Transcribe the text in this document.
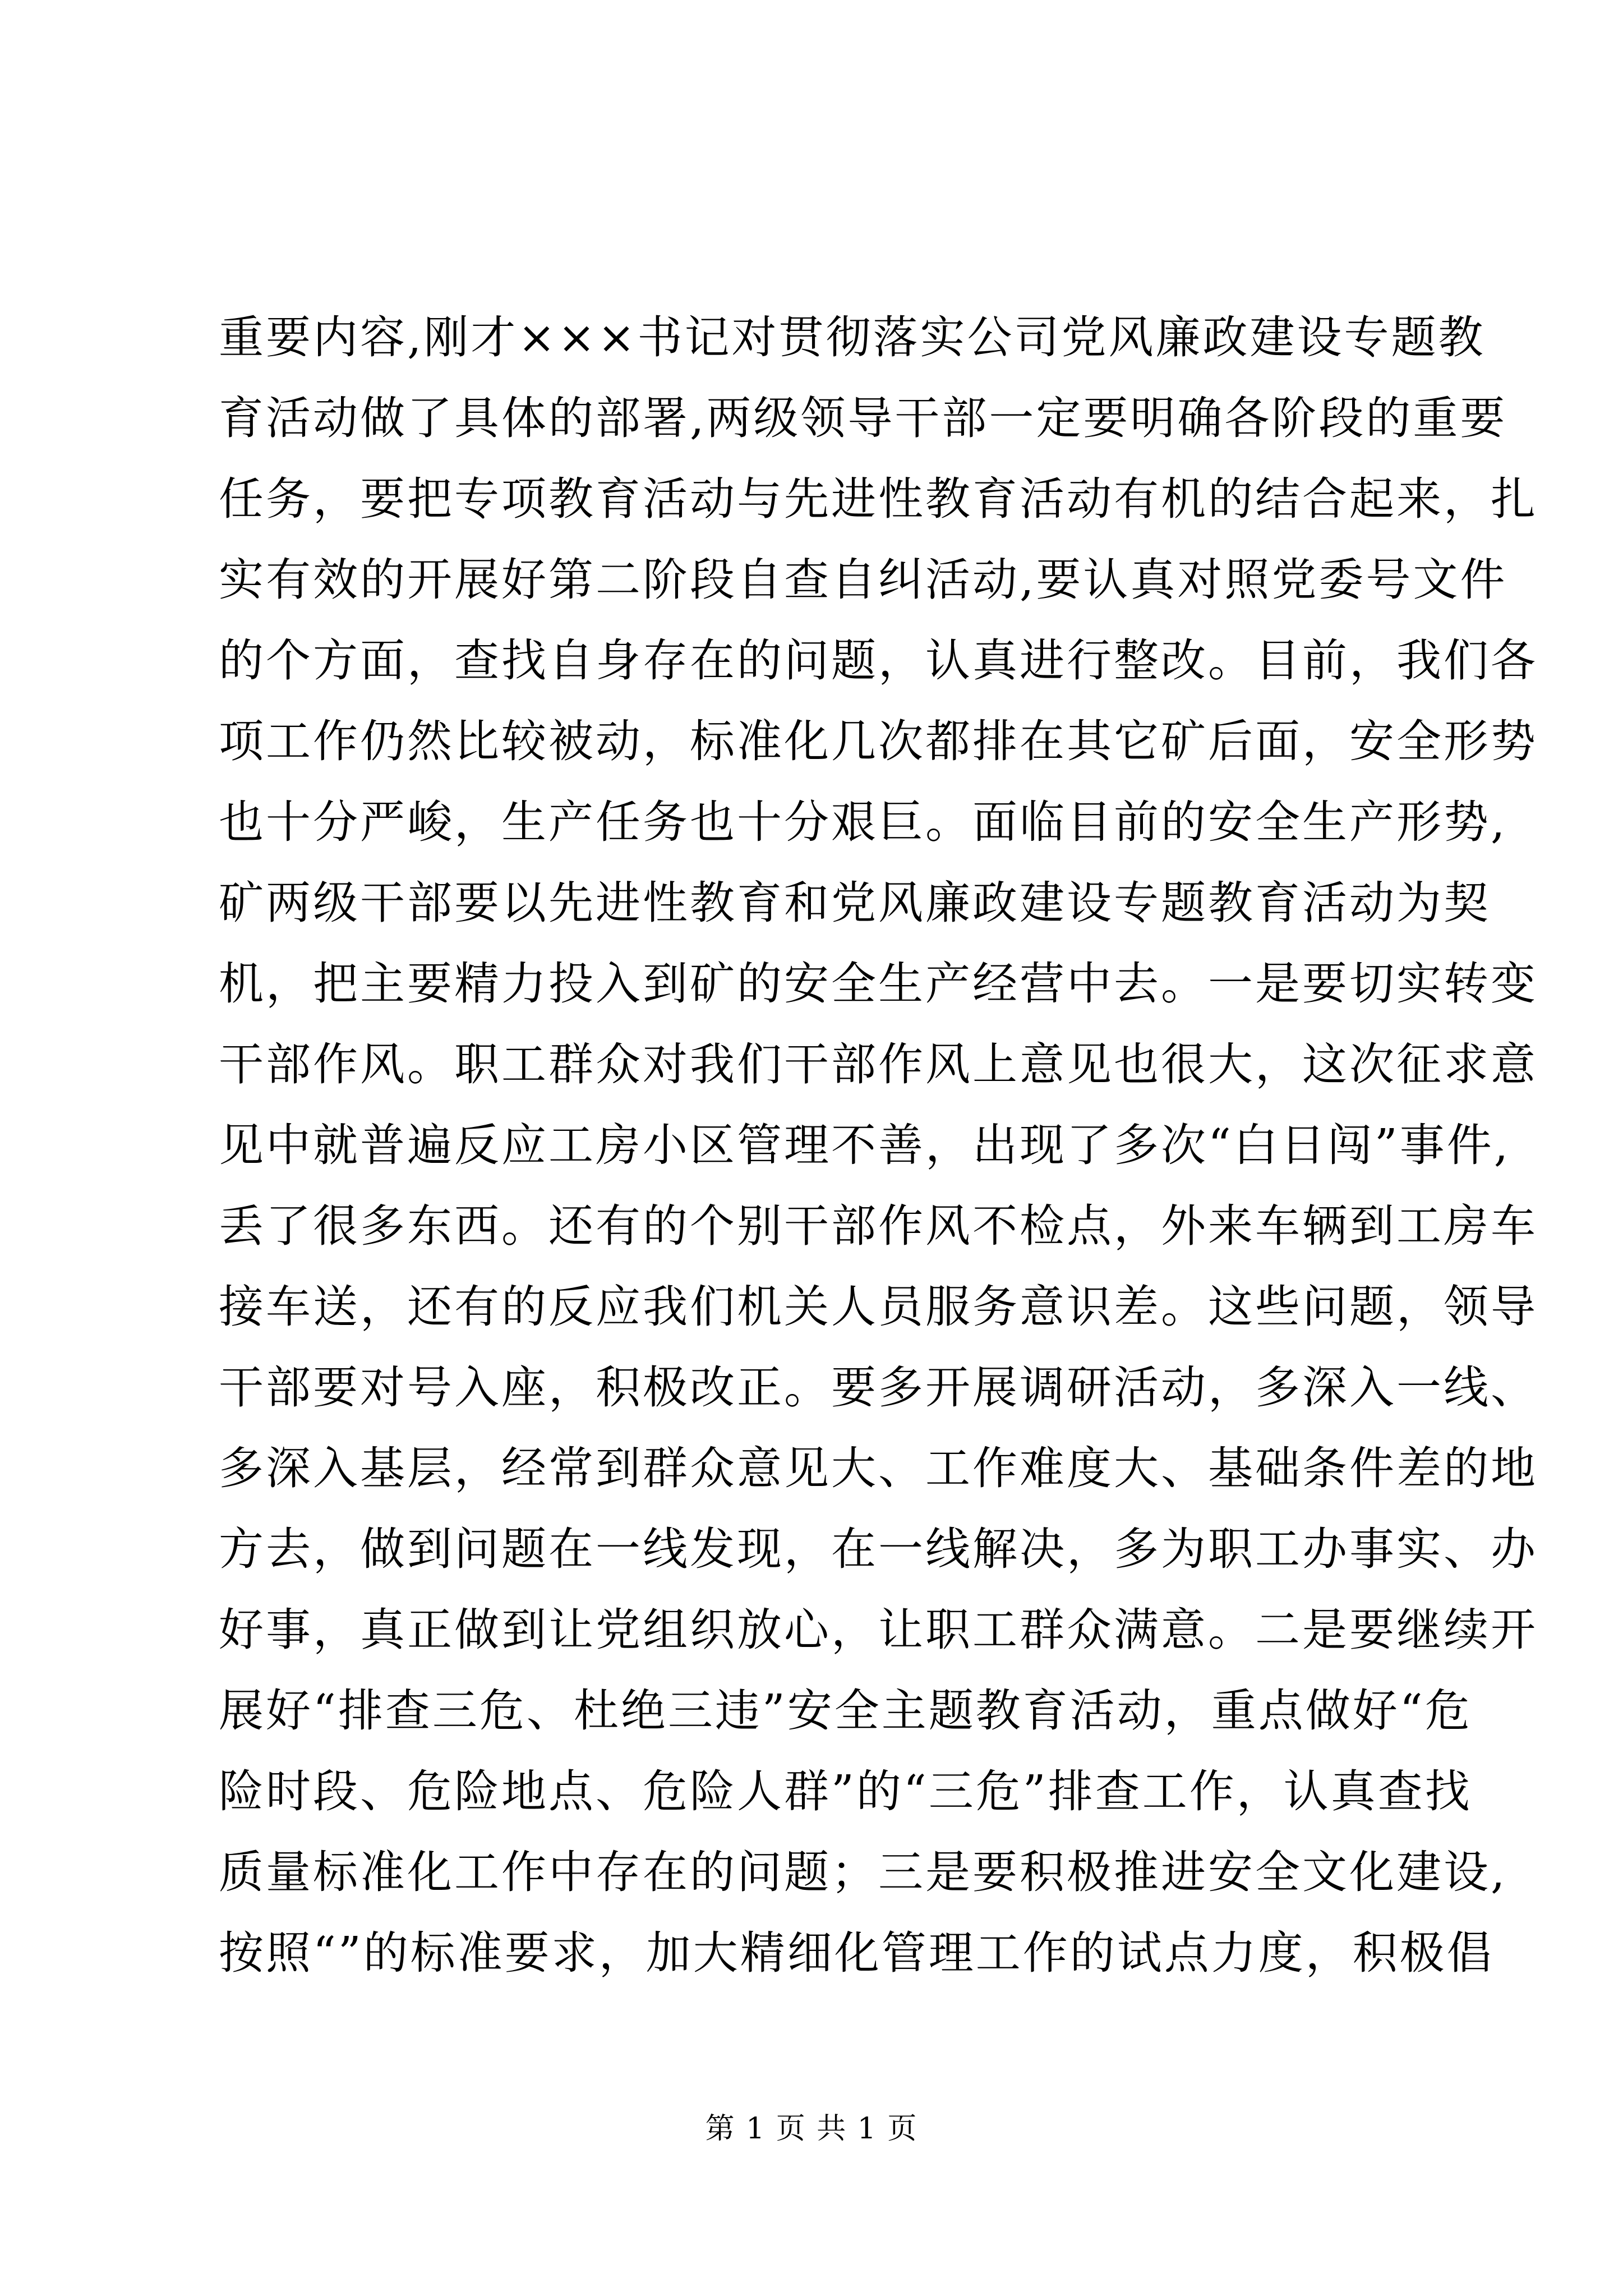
重要内容,刚才×××书记对贯彻落实公司党风廉政建设专题教
育活动做了具体的部署,两级领导干部一定要明确各阶段的重要
任务，要把专项教育活动与先进性教育活动有机的结合起来，扎
实有效的开展好第二阶段自查自纠活动,要认真对照党委号文件
的个方面，查找自身存在的问题，认真进行整改。目前，我们各
项工作仍然比较被动，标准化几次都排在其它矿后面，安全形势
也十分严峻，生产任务也十分艰巨。面临目前的安全生产形势,
矿两级干部要以先进性教育和党风廉政建设专题教育活动为契
机，把主要精力投入到矿的安全生产经营中去。一是要切实转变
干部作风。职工群众对我们干部作风上意见也很大，这次征求意
见中就普遍反应工房小区管理不善，出现了多次“白日闯”事件,
丢了很多东西。还有的个别干部作风不检点，外来车辆到工房车
接车送，还有的反应我们机关人员服务意识差。这些问题，领导
干部要对号入座，积极改正。要多开展调研活动，多深入一线、
多深入基层，经常到群众意见大、工作难度大、基础条件差的地
方去，做到问题在一线发现，在一线解决，多为职工办事实、办
好事，真正做到让党组织放心，让职工群众满意。二是要继续开
展好“排查三危、杜绝三违”安全主题教育活动，重点做好“危
险时段、危险地点、危险人群”的“三危”排查工作，认真查找
质量标准化工作中存在的问题；三是要积极推进安全文化建设,
按照“”的标准要求，加大精细化管理工作的试点力度，积极倡
第 1 页 共 1 页
